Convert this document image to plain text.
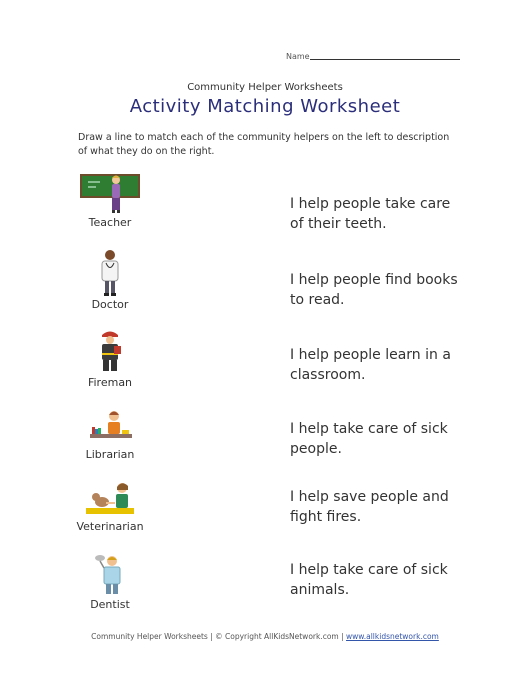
Name
Community Helper Worksheets
Activity Matching Worksheet
Draw a line to match each of the community helpers on the left to description of what they do on the right.
Teacher
Doctor
Fireman
Librarian
Veterinarian
Dentist
I help people take care
of their teeth.
I help people find books
to read.
I help people learn in a
classroom.
I help take care of sick
people.
I help save people and
fight fires.
I help take care of sick
animals.
Community Helper Worksheets | © Copyright AllKidsNetwork.com | www.allkidsnetwork.com
